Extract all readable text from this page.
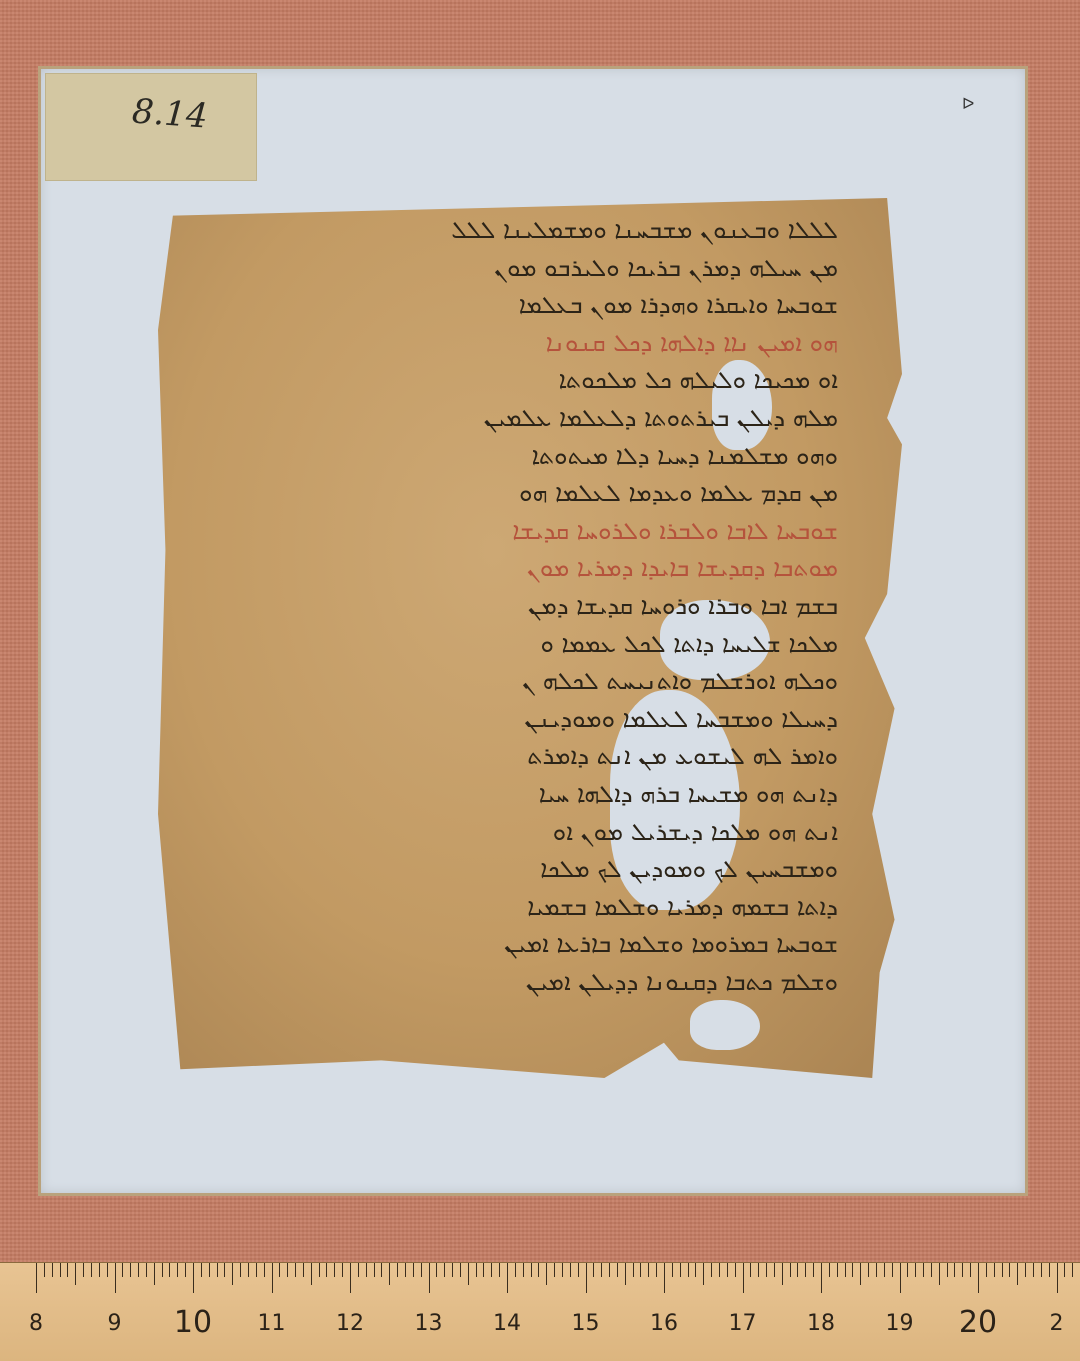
ᐅ
8.14
ܠܠܠܐ ܘܒܥܢܘܢ ܡܫܒܚܢܐ ܘܡܫܡܠܝܢܐ ܠܠܠ
ܡܢ ܚܝܠܗ ܕܡܪܢ ܒܪܝܟܐ ܘܠܝܪܒܘ ܡܘܢ
ܫܘܒܚܐ ܘܐܝܩܪܐ ܘܗܕܪܐ ܡܘܢ ܒܥܠܡܐ
ܗܘ ܐܡܝܢ ܢܐܐ ܕܐܠܗܐ ܕܟܠ ܩܢܘܢܐ
ܐܘ ܡܟܝܟܐ ܘܠܝܠܗ ܟܠ ܡܠܟܘܬܐ
ܡܠܗ ܕܝܠܢ ܒܝܪܬܘܬܐ ܕܠܥܠܡܐ ܥܠܡܝܢ
ܘܗܘ ܡܫܠܡܢܐ ܕܚܝܐ ܕܠܐ ܡܝܬܘܬܐ
ܡܢ ܩܕܡ ܥܠܡܐ ܘܥܕܡܐ ܠܥܠܡܐ ܗܘ
ܫܘܒܚܐ ܠܐܒܐ ܘܠܒܪܐ ܘܠܪܘܚܐ ܩܕܝܫܐ
ܡܘܬܒܐ ܕܩܕܝܫܐ ܒܐܝܕܐ ܕܡܪܝܐ ܡܘܢ
ܒܫܡ ܐܒܐ ܘܒܪܐ ܘܪܘܚܐ ܩܕܝܫܐ ܕܡܢ
ܡܠܟܐ ܫܠܝܚܐ ܕܐܬܐ ܠܟܠ ܥܡܡܐ ܘ
ܘܟܠܗ ܐܘܪܫܠܡ ܘܐܬܢܝܚܬ ܠܟܠܗ ܢ
ܕܚܝܠܐ ܘܡܫܒܚܐ ܠܥܠܡܐ ܘܡܘܕܝܢܢ
ܘܐܡܪ ܠܗ ܠܝܫܘܥ ܡܢ ܐܢܬ ܕܐܡܪܬ
ܕܐܢܬ ܗܘ ܡܫܝܚܐ ܒܪܗ ܕܐܠܗܐ ܚܝܐ
ܐܢܬ ܗܘ ܡܠܟܐ ܕܝܫܪܝܠ ܡܘܢ ܐܘ
ܘܡܫܒܚܝܢ ܠܟ ܘܡܘܕܝܢ ܠܟ ܡܠܟܐ
ܕܐܬܐ ܒܫܡܗ ܕܡܪܝܐ ܘܫܠܡܐ ܒܫܡܝܐ
ܫܘܒܚܐ ܒܡܪܘܡܐ ܘܫܠܡܐ ܒܐܪܥܐ ܐܡܝܢ
ܘܫܠܡ ܟܬܒܐ ܕܩܢܘܢܐ ܕܕܝܠܢ ܐܡܝܢ
8	9 10 11 12 13 14 15 16 17 18 19 20 2
